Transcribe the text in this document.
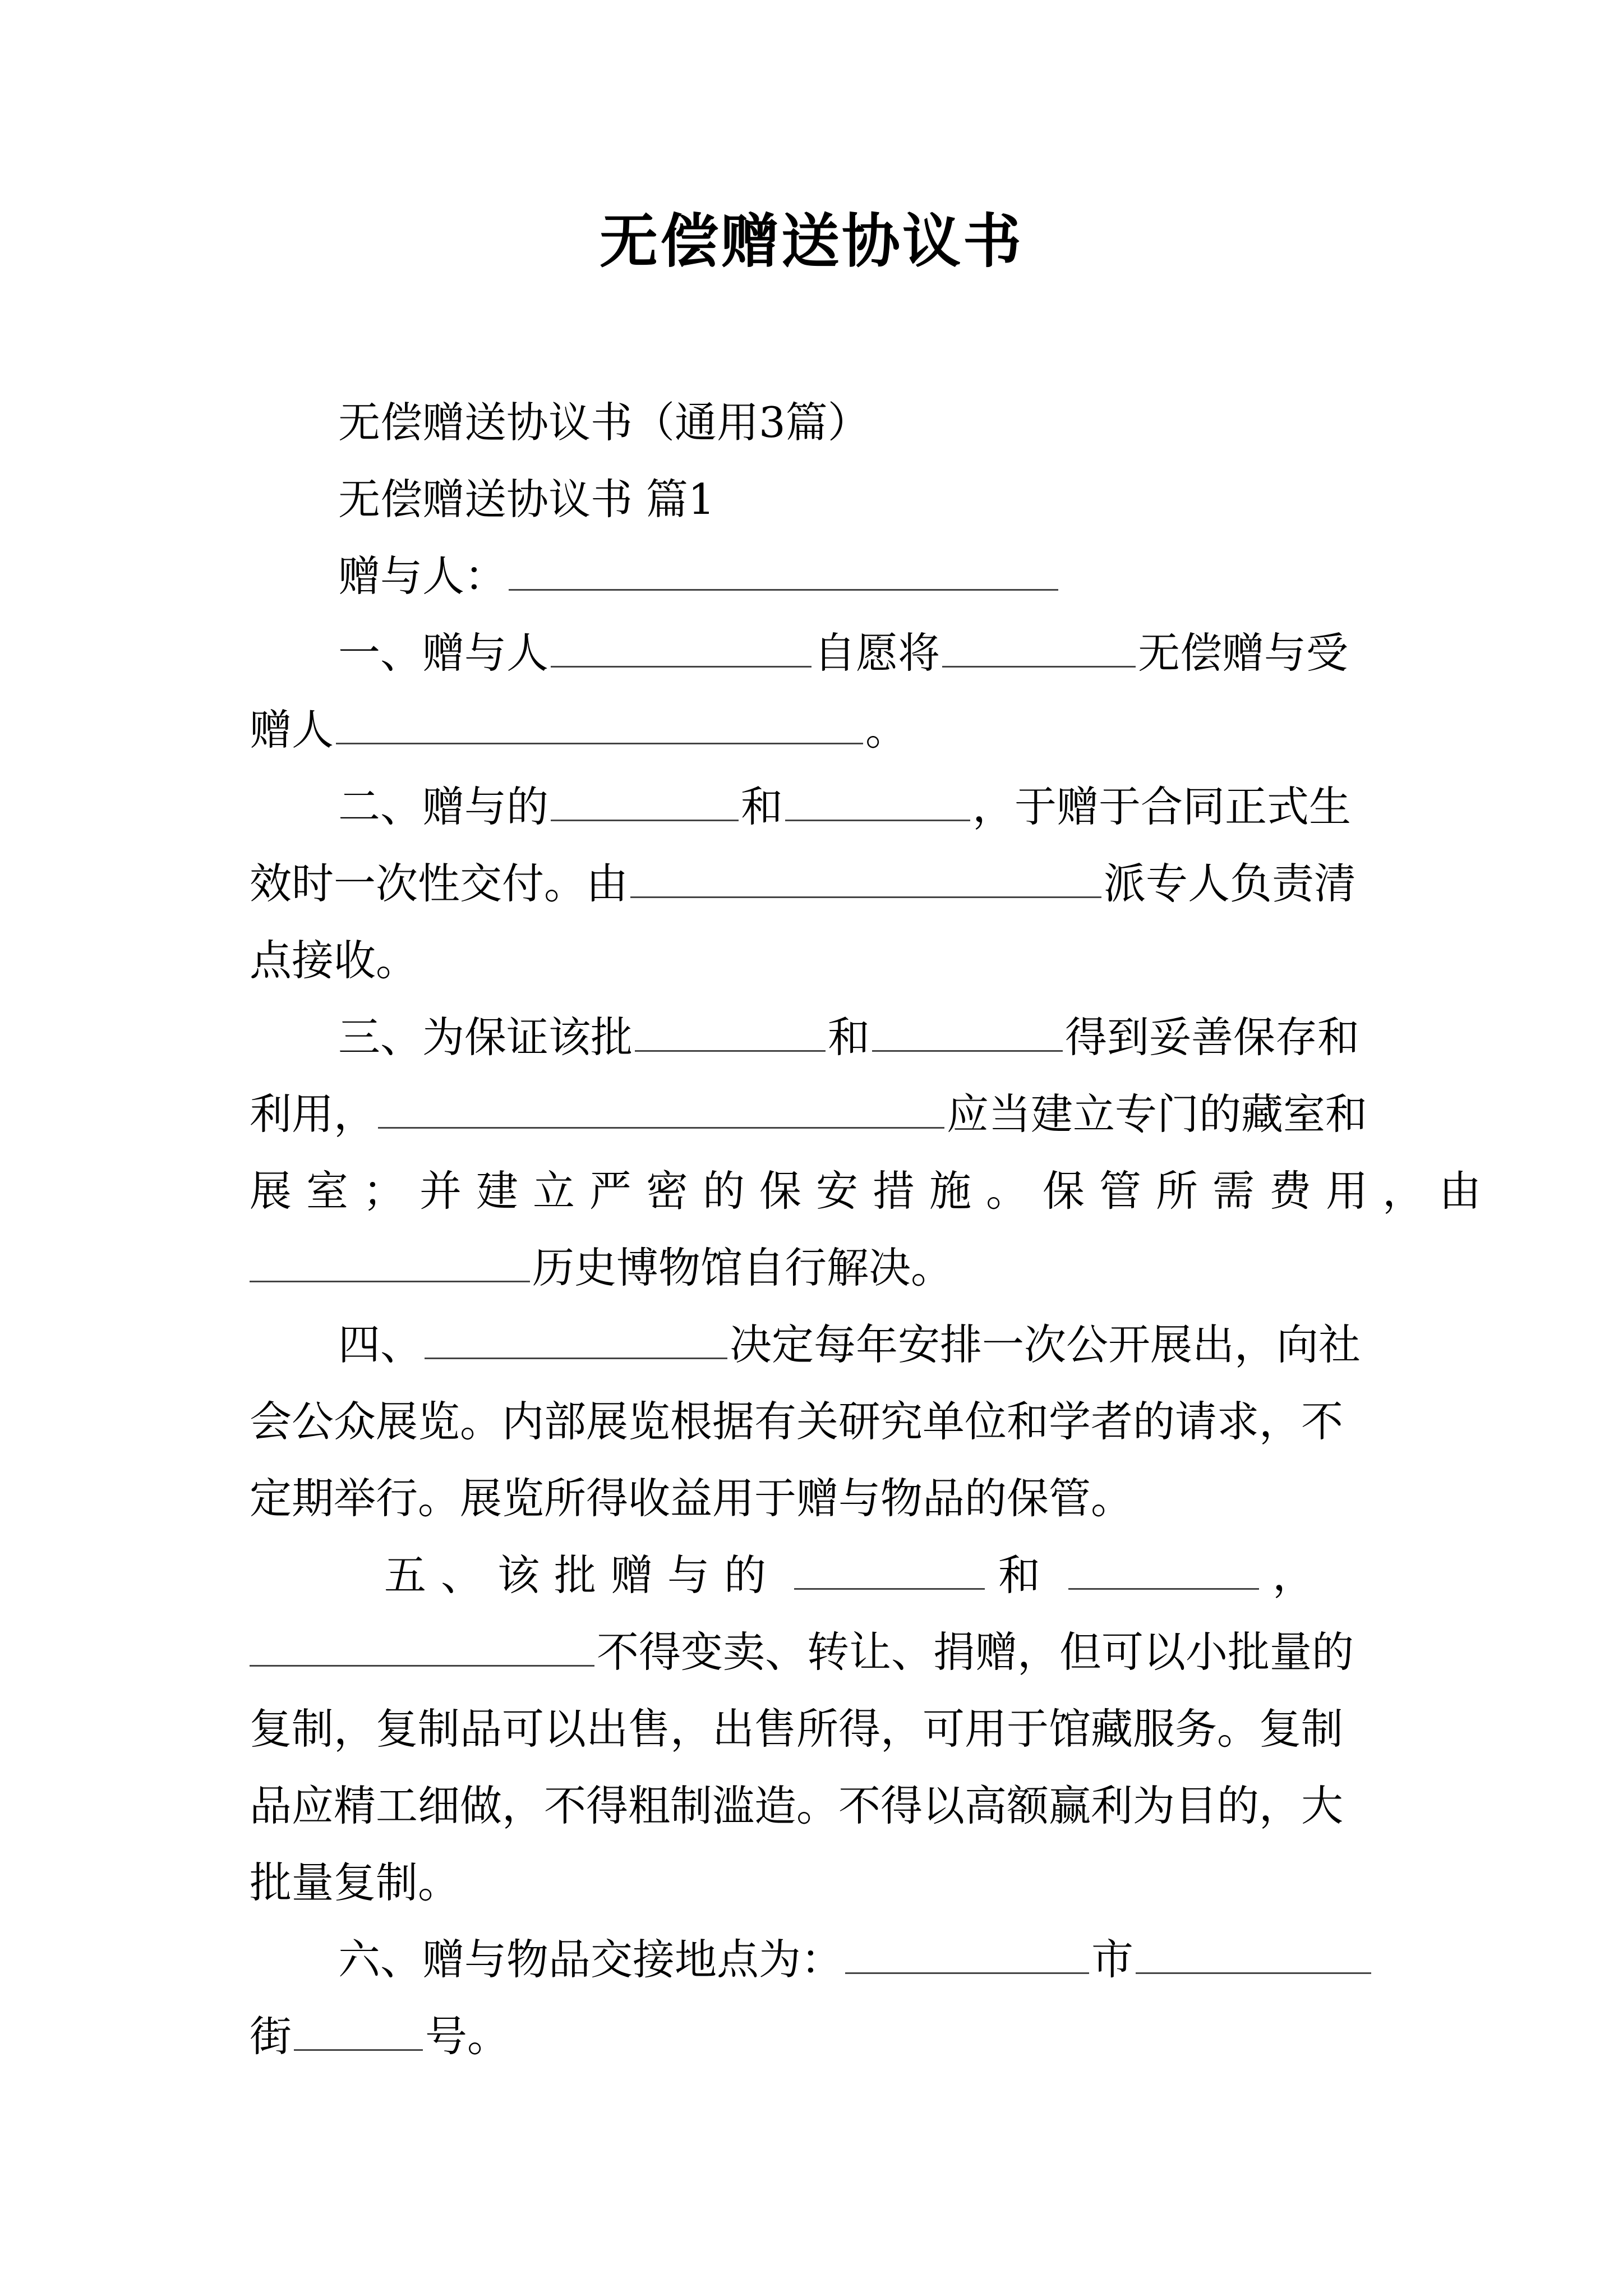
无偿赠送协议书
无偿赠送协议书（通用3篇）
无偿赠送协议书 篇1
赠与人：
一、赠与人	自愿将	无偿赠与受
赠人	。
二、赠与的	和	，于赠于合同正式生
效时一次性交付。由	派专人负责清
点接收。
三、为保证该批	和	得到妥善保存和
利用，	应当建立专门的藏室和
展室；并建立严密的保安措施。保管所需费用，由
历史博物馆自行解决。
四、	决定每年安排一次公开展出，向社
会公众展览。内部展览根据有关研究单位和学者的请求，不
定期举行。展览所得收益用于赠与物品的保管。
五、该批赠与的	和	，
不得变卖、转让、捐赠，但可以小批量的
复制，复制品可以出售，出售所得，可用于馆藏服务。复制
品应精工细做，不得粗制滥造。不得以高额赢利为目的，大
批量复制。
六、赠与物品交接地点为：	市
街	号。
